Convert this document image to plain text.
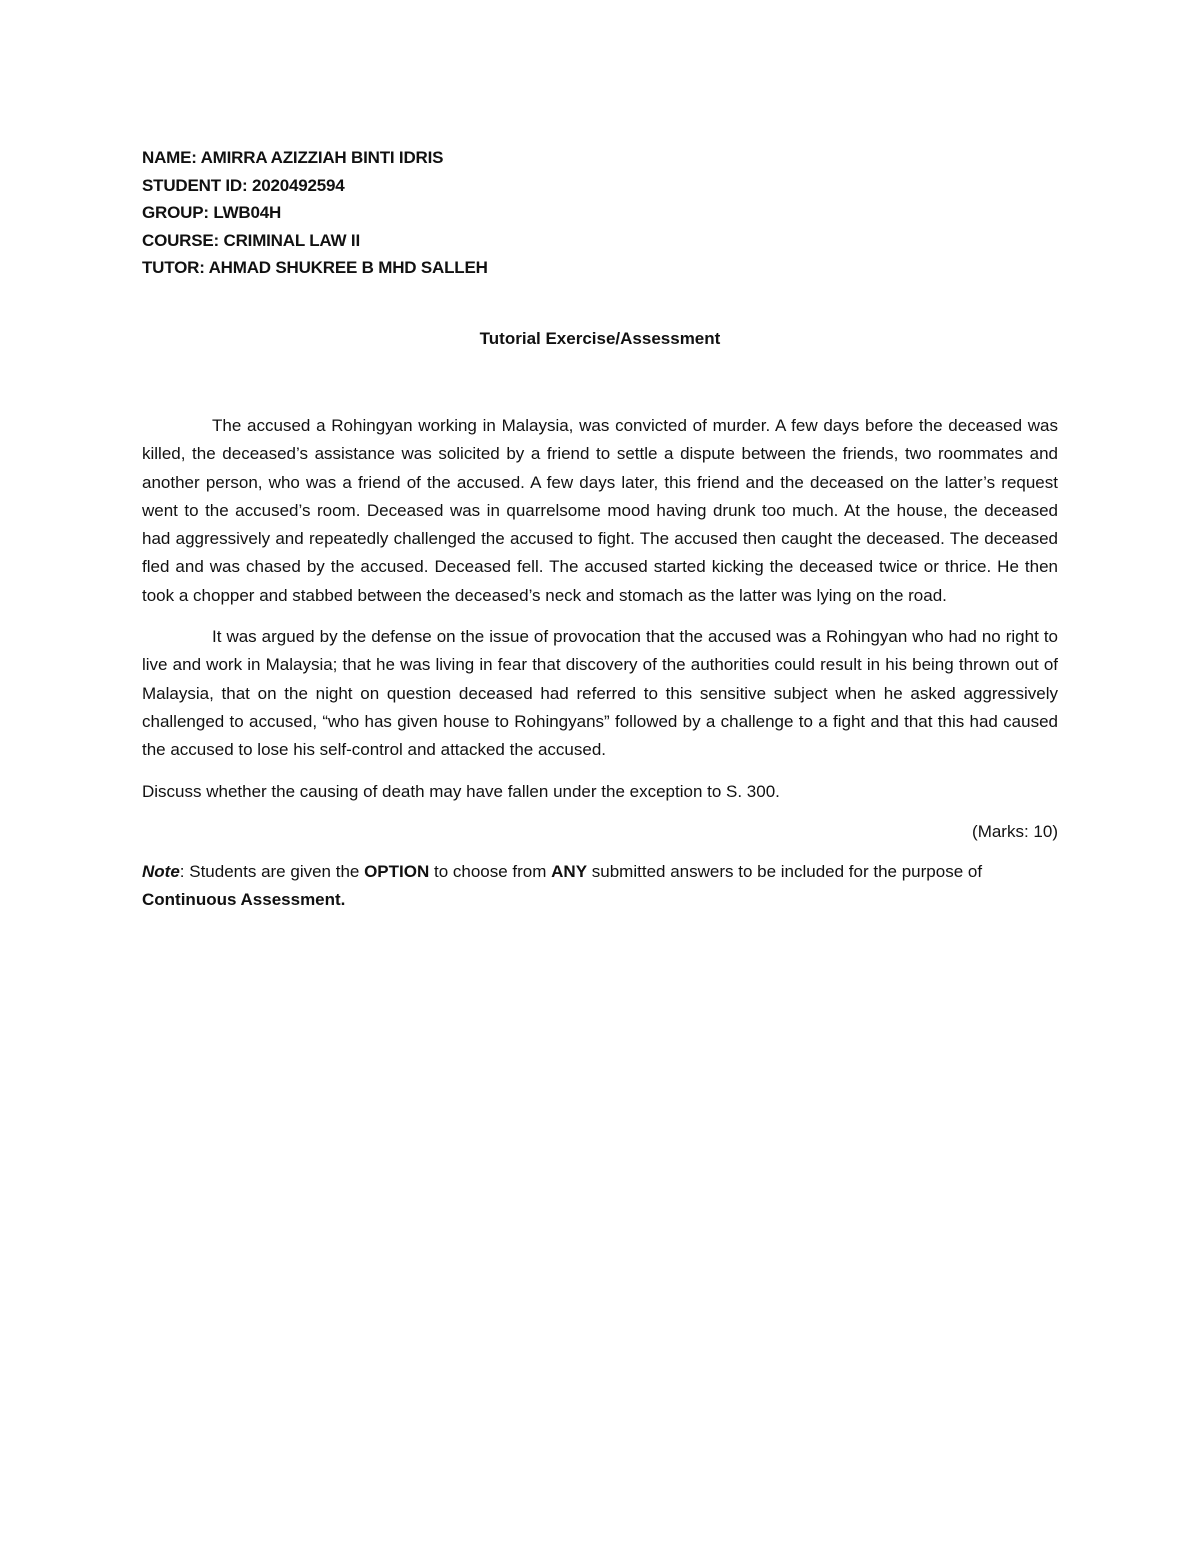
NAME: AMIRRA AZIZZIAH BINTI IDRIS
STUDENT ID: 2020492594
GROUP: LWB04H
COURSE: CRIMINAL LAW II
TUTOR: AHMAD SHUKREE B MHD SALLEH
Tutorial Exercise/Assessment

The accused a Rohingyan working in Malaysia, was convicted of murder. A few days before the deceased was killed, the deceased’s assistance was solicited by a friend to settle a dispute between the friends, two roommates and another person, who was a friend of the accused. A few days later, this friend and the deceased on the latter’s request went to the accused’s room. Deceased was in quarrelsome mood having drunk too much. At the house, the deceased had aggressively and repeatedly challenged the accused to fight. The accused then caught the deceased. The deceased fled and was chased by the accused. Deceased fell. The accused started kicking the deceased twice or thrice. He then took a chopper and stabbed between the deceased’s neck and stomach as the latter was lying on the road.

It was argued by the defense on the issue of provocation that the accused was a Rohingyan who had no right to live and work in Malaysia; that he was living in fear that discovery of the authorities could result in his being thrown out of Malaysia, that on the night on question deceased had referred to this sensitive subject when he asked aggressively challenged to accused, “who has given house to Rohingyans” followed by a challenge to a fight and that this had caused the accused to lose his self-control and attacked the accused.

Discuss whether the causing of death may have fallen under the exception to S. 300.

(Marks: 10)
Note: Students are given the OPTION to choose from ANY submitted answers to be included for the purpose of Continuous Assessment.
